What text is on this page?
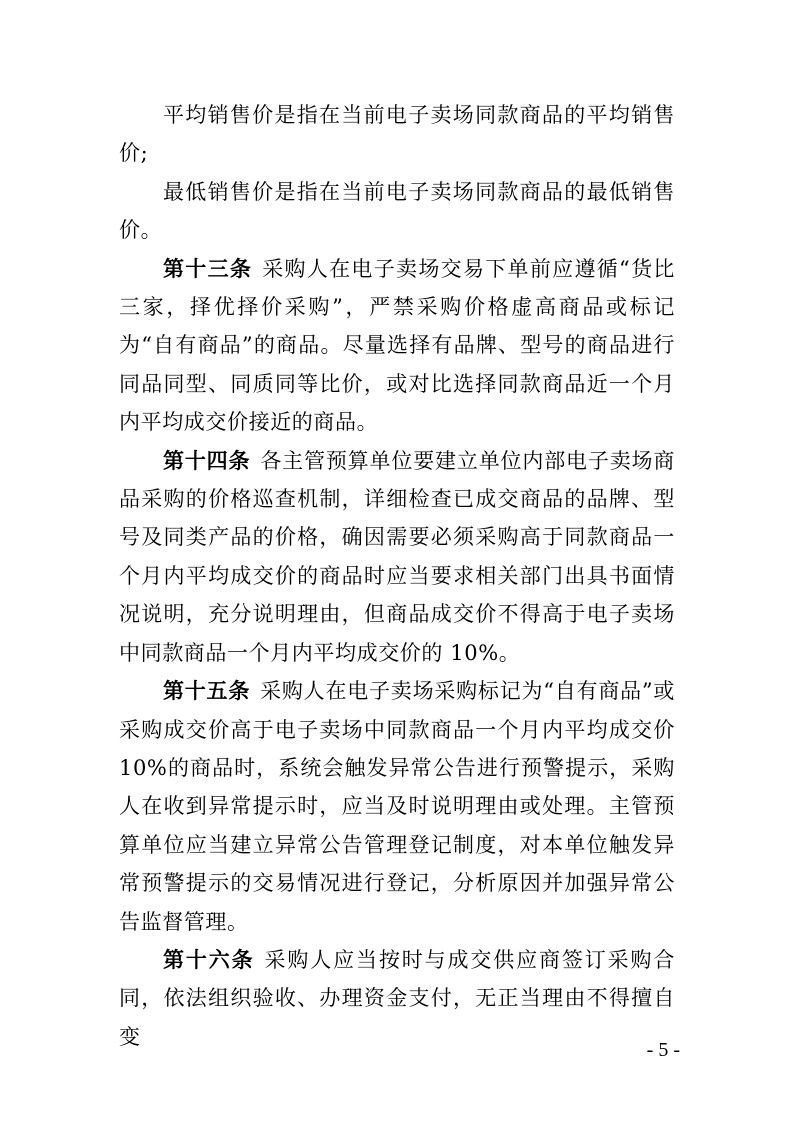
平均销售价是指在当前电子卖场同款商品的平均销售价;

最低销售价是指在当前电子卖场同款商品的最低销售价。

第十三条 采购人在电子卖场交易下单前应遵循“货比三家，择优择价采购”，严禁采购价格虚高商品或标记为“自有商品”的商品。尽量选择有品牌、型号的商品进行同品同型、同质同等比价，或对比选择同款商品近一个月内平均成交价接近的商品。

第十四条 各主管预算单位要建立单位内部电子卖场商品采购的价格巡查机制，详细检查已成交商品的品牌、型号及同类产品的价格，确因需要必须采购高于同款商品一个月内平均成交价的商品时应当要求相关部门出具书面情况说明，充分说明理由，但商品成交价不得高于电子卖场中同款商品一个月内平均成交价的 10%。

第十五条 采购人在电子卖场采购标记为“自有商品”或采购成交价高于电子卖场中同款商品一个月内平均成交价 10%的商品时，系统会触发异常公告进行预警提示，采购人在收到异常提示时，应当及时说明理由或处理。主管预算单位应当建立异常公告管理登记制度，对本单位触发异常预警提示的交易情况进行登记，分析原因并加强异常公告监督管理。

第十六条 采购人应当按时与成交供应商签订采购合同，依法组织验收、办理资金支付，无正当理由不得擅自变

- 5 -
